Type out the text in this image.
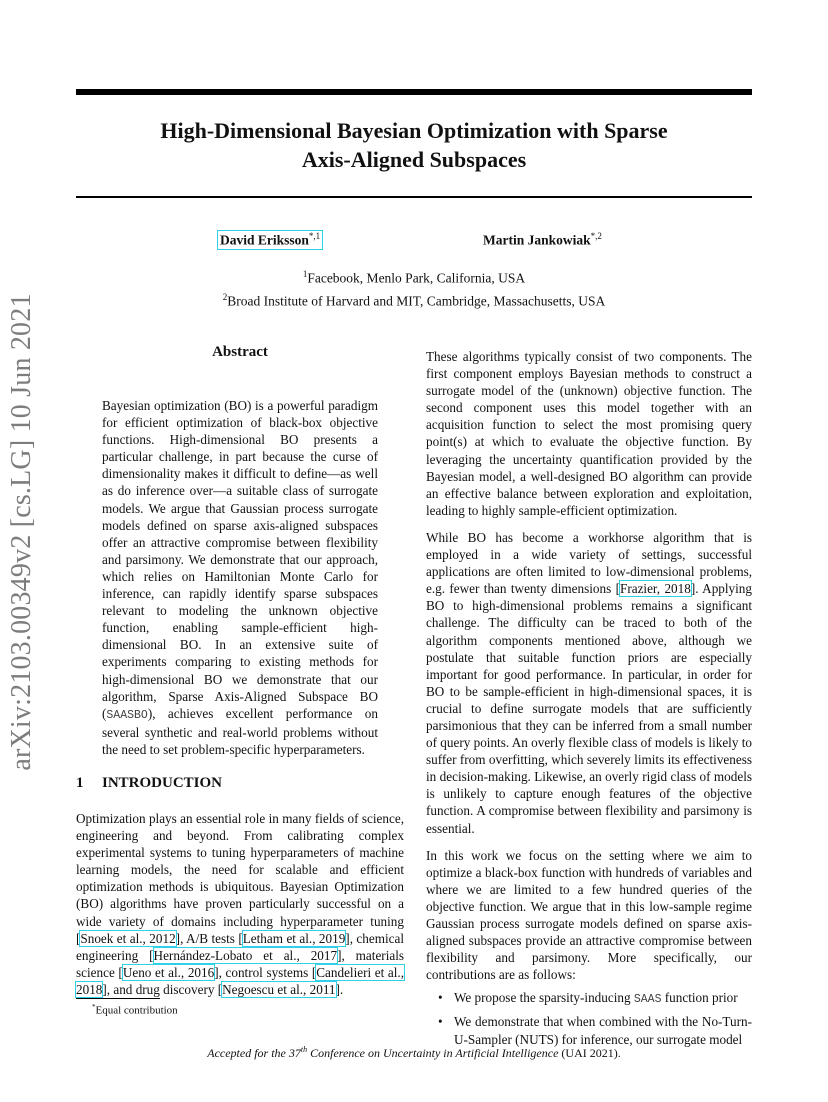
arXiv:2103.00349v2 [cs.LG] 10 Jun 2021
High-Dimensional Bayesian Optimization with Sparse
Axis-Aligned Subspaces
David Eriksson$^{*,1}$	Martin Jankowiak$^{*,2}$
$^1$Facebook, Menlo Park, California, USA
$^2$Broad Institute of Harvard and MIT, Cambridge, Massachusetts, USA
Abstract
Bayesian optimization (BO) is a powerful paradigm for efficient optimization of black-box objective functions. High-dimensional BO presents a particular challenge, in part because the curse of dimensionality makes it difficult to define—as well as do inference over—a suitable class of surrogate models. We argue that Gaussian process surrogate models defined on sparse axis-aligned subspaces offer an attractive compromise between flexibility and parsimony. We demonstrate that our approach, which relies on Hamiltonian Monte Carlo for inference, can rapidly identify sparse subspaces relevant to modeling the unknown objective function, enabling sample-efficient high-dimensional BO. In an extensive suite of experiments comparing to existing methods for high-dimensional BO we demonstrate that our algorithm, Sparse Axis-Aligned Subspace BO (SAASBO), achieves excellent performance on several synthetic and real-world problems without the need to set problem-specific hyperparameters.
1 INTRODUCTION
Optimization plays an essential role in many fields of science, engineering and beyond. From calibrating complex experimental systems to tuning hyperparameters of machine learning models, the need for scalable and efficient optimization methods is ubiquitous. Bayesian Optimization (BO) algorithms have proven particularly successful on a wide variety of domains including hyperparameter tuning [Snoek et al., 2012], A/B tests [Letham et al., 2019], chemical engineering [Hernández-Lobato et al., 2017], materials science [Ueno et al., 2016], control systems [Candelieri et al., 2018], and drug discovery [Negoescu et al., 2011].
*Equal contribution

These algorithms typically consist of two components. The first component employs Bayesian methods to construct a surrogate model of the (unknown) objective function. The second component uses this model together with an acquisition function to select the most promising query point(s) at which to evaluate the objective function. By leveraging the uncertainty quantification provided by the Bayesian model, a well-designed BO algorithm can provide an effective balance between exploration and exploitation, leading to highly sample-efficient optimization.

While BO has become a workhorse algorithm that is employed in a wide variety of settings, successful applications are often limited to low-dimensional problems, e.g. fewer than twenty dimensions [Frazier, 2018]. Applying BO to high-dimensional problems remains a significant challenge. The difficulty can be traced to both of the algorithm components mentioned above, although we postulate that suitable function priors are especially important for good performance. In particular, in order for BO to be sample-efficient in high-dimensional spaces, it is crucial to define surrogate models that are sufficiently parsimonious that they can be inferred from a small number of query points. An overly flexible class of models is likely to suffer from overfitting, which severely limits its effectiveness in decision-making. Likewise, an overly rigid class of models is unlikely to capture enough features of the objective function. A compromise between flexibility and parsimony is essential.

In this work we focus on the setting where we aim to optimize a black-box function with hundreds of variables and where we are limited to a few hundred queries of the objective function. We argue that in this low-sample regime Gaussian process surrogate models defined on sparse axis-aligned subspaces provide an attractive compromise between flexibility and parsimony. More specifically, our contributions are as follows:

• We propose the sparsity-inducing SAAS function prior
• We demonstrate that when combined with the No-Turn-U-Sampler (NUTS) for inference, our surrogate model
Accepted for the 37th Conference on Uncertainty in Artificial Intelligence (UAI 2021).
